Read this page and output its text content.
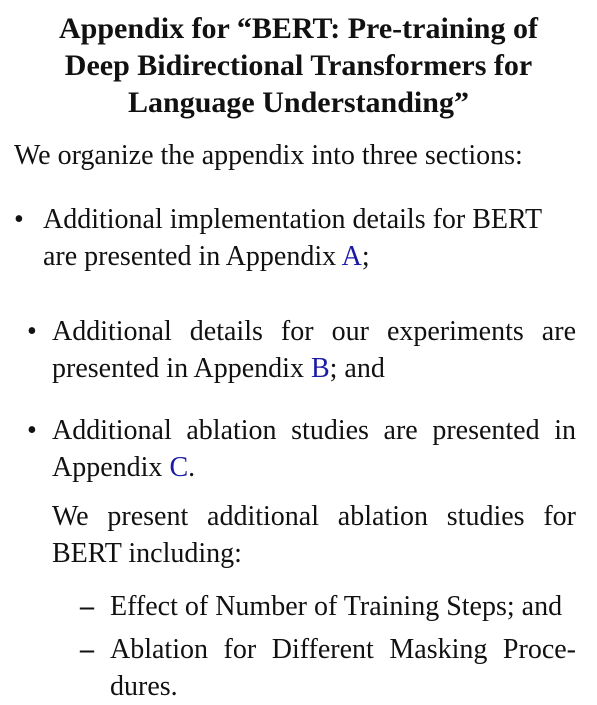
Appendix for “BERT: Pre-training of
Deep Bidirectional Transformers for
Language Understanding”
We organize the appendix into three sections:
• Additional implementation details for BERT
are presented in Appendix A;
• Additional details for our experiments are
presented in Appendix B; and
• Additional ablation studies are presented in
Appendix C.
We present additional ablation studies for
BERT including:
– Effect of Number of Training Steps; and
– Ablation for Different Masking Proce-
dures.
